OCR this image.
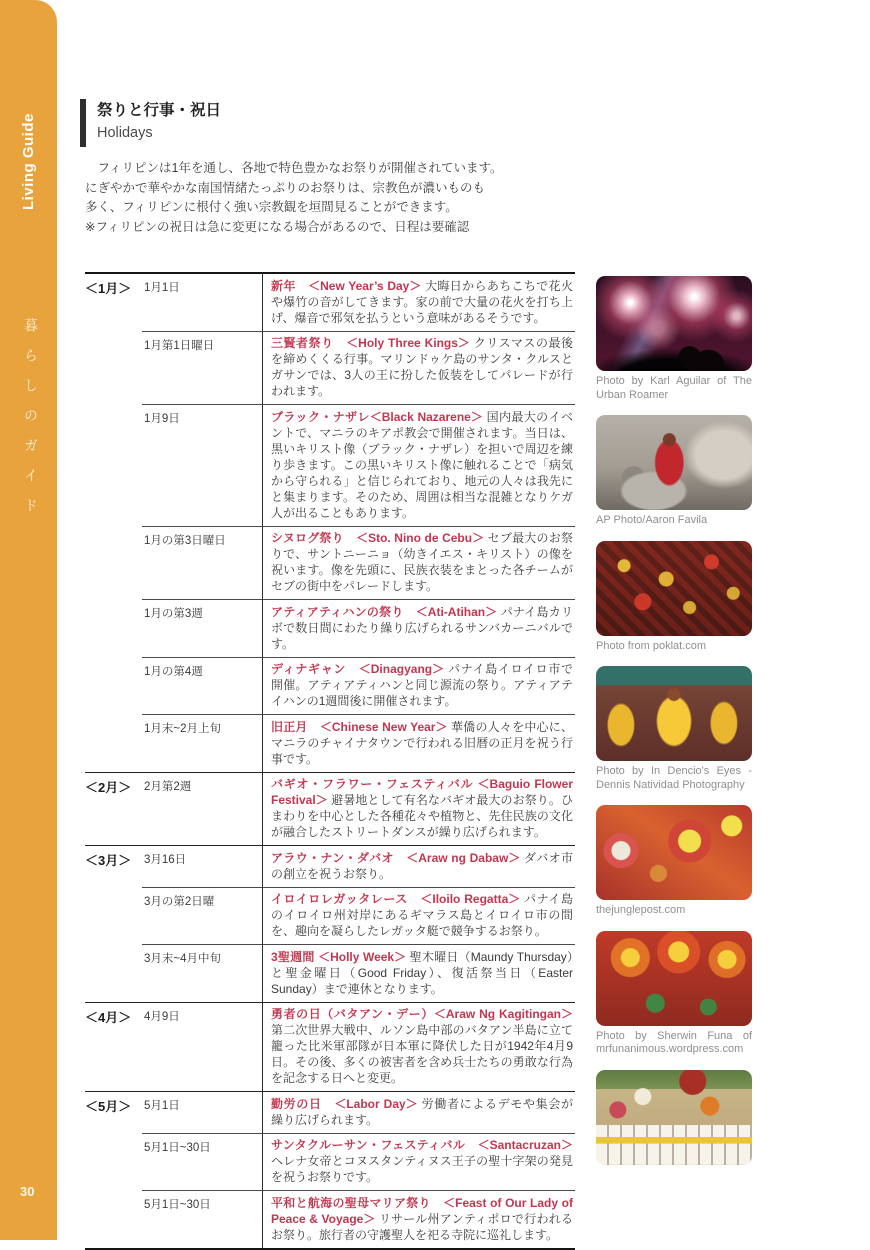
Living Guide
暮らしのガイド
30

祭りと行事・祝日

Holidays

　フィリピンは1年を通し、各地で特色豊かなお祭りが開催されています。

にぎやかで華やかな南国情緒たっぷりのお祭りは、宗教色が濃いものも

多く、フィリピンに根付く強い宗教観を垣間見ることができます。

※フィリピンの祝日は急に変更になる場合があるので、日程は要確認

＜1月＞	1月1日	新年　＜New Year’s Day＞ 大晦日からあちこちで花火や爆竹の音がしてきます。家の前で大量の花火を打ち上げ、爆音で邪気を払うという意味があるそうです。
1月第1日曜日	三賢者祭り　＜Holy Three Kings＞ クリスマスの最後を締めくくる行事。マリンドゥケ島のサンタ・クルスとガサンでは、3人の王に扮した仮装をしてパレードが行われます。
1月9日	ブラック・ナザレ＜Black Nazarene＞ 国内最大のイベントで、マニラのキアポ教会で開催されます。当日は、黒いキリスト像（ブラック・ナザレ）を担いで周辺を練り歩きます。この黒いキリスト像に触れることで「病気から守られる」と信じられており、地元の人々は我先にと集まります。そのため、周囲は相当な混雑となりケガ人が出ることもあります。
1月の第3日曜日	シヌログ祭り　＜Sto. Nino de Cebu＞ セブ最大のお祭りで、サントニーニョ（幼きイエス・キリスト）の像を祝います。像を先頭に、民族衣装をまとった各チームがセブの街中をパレードします。
1月の第3週	アティアティハンの祭り　＜Ati-Atihan＞ パナイ島カリボで数日間にわたり繰り広げられるサンバカーニバルです。
1月の第4週	ディナギャン　＜Dinagyang＞ パナイ島イロイロ市で開催。アティアティハンと同じ源流の祭り。アティアテイハンの1週間後に開催されます。
1月末~2月上旬	旧正月　＜Chinese New Year＞ 華僑の人々を中心に、マニラのチャイナタウンで行われる旧暦の正月を祝う行事です。
＜2月＞	2月第2週	バギオ・フラワー・フェスティバル ＜Baguio Flower Festival＞ 避暑地として有名なバギオ最大のお祭り。ひまわりを中心とした各種花々や植物と、先住民族の文化が融合したストリートダンスが繰り広げられます。
＜3月＞	3月16日	アラウ・ナン・ダバオ　＜Araw ng Dabaw＞ ダバオ市の創立を祝うお祭り。
3月の第2日曜	イロイロレガッタレース　＜Iloilo Regatta＞ パナイ島のイロイロ州対岸にあるギマラス島とイロイロ市の間を、趣向を凝らしたレガッタ艇で競争するお祭り。
3月末~4月中旬	3聖週間 ＜Holly Week＞ 聖木曜日（Maundy Thursday）と聖金曜日（Good Friday）、復活祭当日（Easter Sunday）まで連休となります。
＜4月＞	4月9日	勇者の日（バタアン・デー）＜Araw Ng Kagitingan＞ 第二次世界大戦中、ルソン島中部のバタアン半島に立て籠った比米軍部隊が日本軍に降伏した日が1942年4月9日。その後、多くの被害者を含め兵士たちの勇敢な行為を記念する日へと変更。
＜5月＞	5月1日	勤労の日　＜Labor Day＞ 労働者によるデモや集会が繰り広げられます。
5月1日~30日	サンタクルーサン・フェスティバル　＜Santacruzan＞ ヘレナ女帝とコヌスタンティヌス王子の聖十字架の発見を祝うお祭りです。
5月1日~30日	平和と航海の聖母マリア祭り　＜Feast of Our Lady of Peace & Voyage＞ リサール州アンティポロで行われるお祭り。旅行者の守護聖人を祀る寺院に巡礼します。

Photo by Karl Aguilar of The Urban Roamer

AP Photo/Aaron Favila

Photo from poklat.com

Photo by In Dencio's Eyes - Dennis Natividad Photography

thejunglepost.com

Photo by Sherwin Funa of mrfunanimous.wordpress.com
